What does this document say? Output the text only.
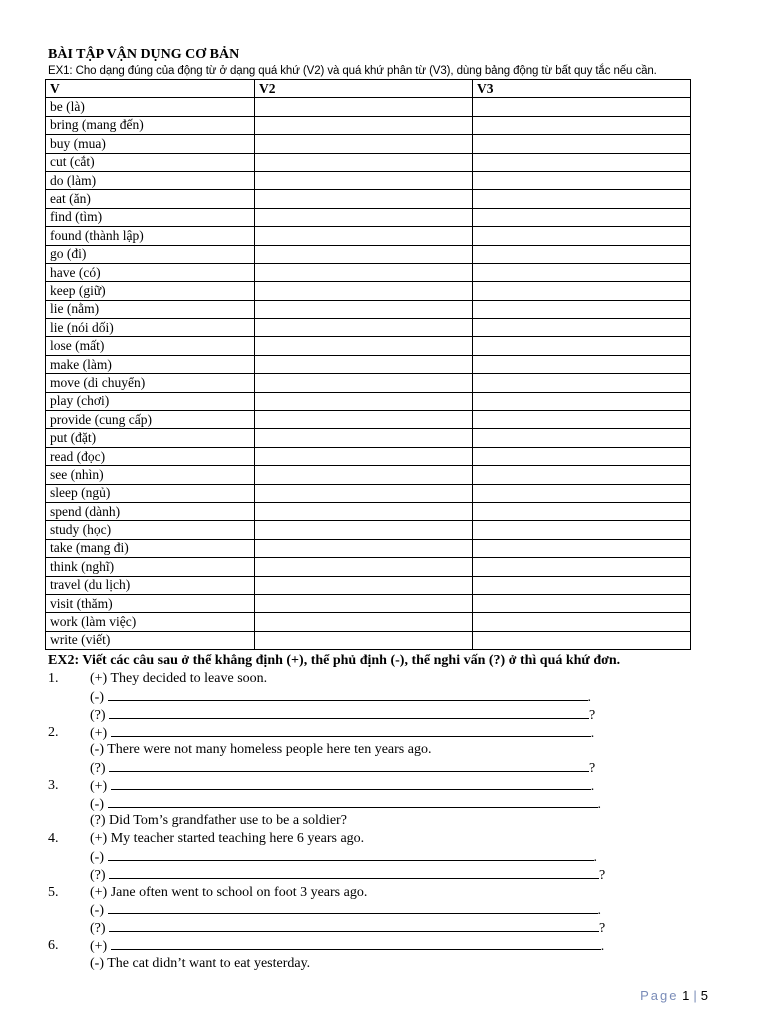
BÀI TẬP VẬN DỤNG CƠ BẢN
EX1: Cho dạng đúng của động từ ở dạng quá khứ (V2) và quá khứ phân từ (V3), dùng bảng động từ bất quy tắc nếu cần.
V	V2	V3
be (là)		
bring (mang đến)		
buy (mua)		
cut (cắt)		
do (làm)		
eat (ăn)		
find (tìm)		
found (thành lập)		
go (đi)		
have (có)		
keep (giữ)		
lie (nằm)		
lie (nói dối)		
lose (mất)		
make (làm)		
move (di chuyển)		
play (chơi)		
provide (cung cấp)		
put (đặt)		
read (đọc)		
see (nhìn)		
sleep (ngủ)		
spend (dành)		
study (học)		
take (mang đi)		
think (nghĩ)		
travel (du lịch)		
visit (thăm)		
work (làm việc)		
write (viết)		
EX2: Viết các câu sau ở thể khẳng định (+), thể phủ định (-), thể nghi vấn (?) ở thì quá khứ đơn.
1.	(+) They decided to leave soon.
(-)	.
(?)	?
2.	(+)	.
(-) There were not many homeless people here ten years ago.
(?)	?
3.	(+)	.
(-)	.
(?) Did Tom’s grandfather use to be a soldier?
4.	(+) My teacher started teaching here 6 years ago.
(-)	.
(?)	?
5.	(+) Jane often went to school on foot 3 years ago.
(-)	.
(?)	?
6.	(+)	.
(-) The cat didn’t want to eat yesterday.
Page 1 | 5
